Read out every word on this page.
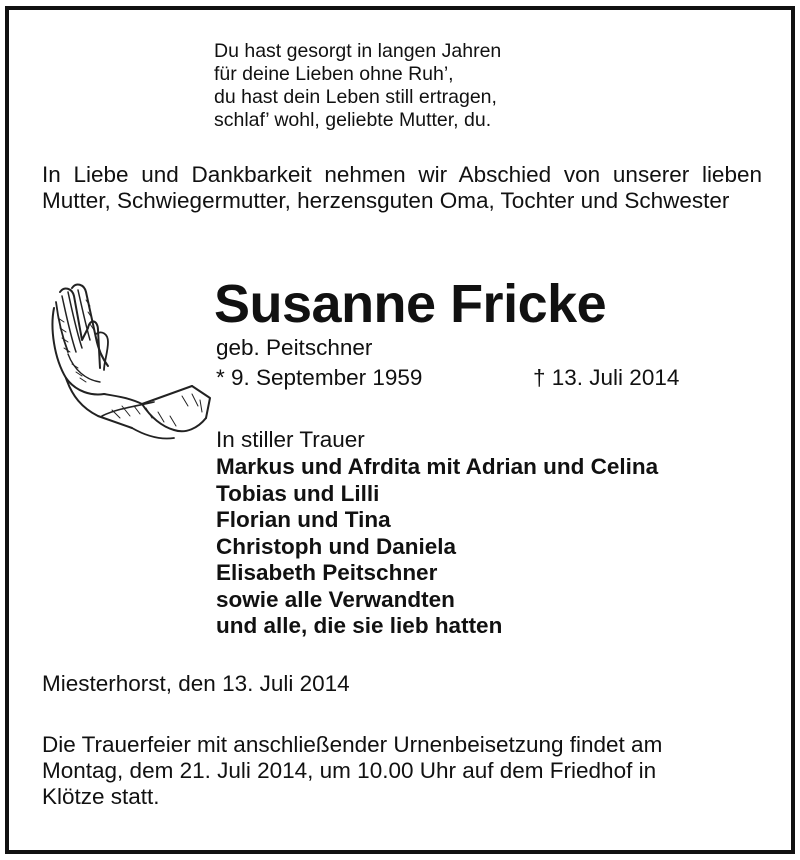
Du hast gesorgt in langen Jahren
für deine Lieben ohne Ruh’,
du hast dein Leben still ertragen,
schlaf’ wohl, geliebte Mutter, du.
In Liebe und Dankbarkeit nehmen wir Abschied von unserer lieben Mutter, Schwiegermutter, herzensguten Oma, Tochter und Schwester
Susanne Fricke
geb. Peitschner
* 9. September 1959	† 13. Juli 2014
In stiller Trauer
Markus und Afrdita mit Adrian und Celina
Tobias und Lilli
Florian und Tina
Christoph und Daniela
Elisabeth Peitschner
sowie alle Verwandten
und alle, die sie lieb hatten
Miesterhorst, den 13. Juli 2014
Die Trauerfeier mit anschließender Urnenbeisetzung findet am
Montag, dem 21. Juli 2014, um 10.00 Uhr auf dem Friedhof in
Klötze statt.
